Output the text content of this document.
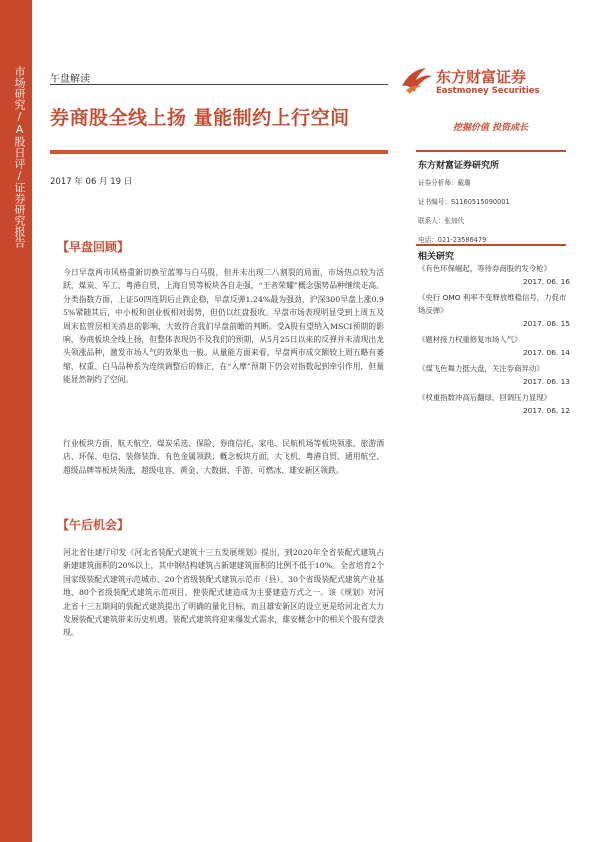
市场研究/A股日评/证券研究报告 午盘解读
券商股全线上扬 量能制约上行空间
2017 年 06 月 19 日
东方财富证券
Eastmoney Securities
挖掘价值 投资成长
东方财富证券研究所
证券分析师：戴璐
证书编号：S1160515090001
联系人：张加代
电话：021-23586479
相关研究
《有色环保崛起，等待券商股的发令枪》
2017. 06. 16
《央行 OMO 利率不变释放维稳信号，力促市场反弹》
2017. 06. 15
《题材接力权重修复市场人气》
2017. 06. 14
《煤飞色舞力挺大盘，关注券商异动》
2017. 06. 13
《权重指数冲高后翻绿，回调压力显现》
2017. 06. 12
【早盘回顾】
今日早盘两市风格重新切换至蓝筹与白马股，但并未出现二八割裂的局面，市场热点较为活跃，煤炭、军工、粤港自贸、上海自贸等板块各自走强，“王者荣耀”概念强势品种继续走高。分类指数方面，上证50四连阴后止跌企稳，早盘反弹1.24%最为强劲，沪深300早盘上涨0.95%紧随其后，中小板和创业板相对弱势，但仍以红盘报收。早盘市场表现明显受到上周五及周末监管层相关消息的影响，大致符合我们早盘前瞻的判断。受A股有望纳入MSCI预期的影响，券商板块全线上扬，但整体表现仍不及我们的预期，从5月25日以来的反弹并未清现出龙头领涨品种，激发市场人气的效果也一般。从量能方面来看，早盘两市成交额较上周五略有萎缩，权重、白马品种系为连续调整后的修正，在“入摩”预期下仍会对指数起到牵引作用，但量能显然制约了空间。
行业板块方面，航天航空、煤炭采选、保险、券商信托、家电、民航机场等板块领涨，旅游酒店、环保、电信、装修装饰、有色金属领跌；概念板块方面，大飞机、粤港自贸、通用航空、超级品牌等板块领涨，超级电容、黄金、大数据、手游、可燃冰、雄安新区领跌。
【午后机会】
河北省住建厅印发《河北省装配式建筑十三五发展规划》提出，到2020年全省装配式建筑占新建建筑面积的20%以上，其中钢结构建筑占新建建筑面积的比例不低于10%。全省培育2个国家级装配式建筑示范城市、20个省级装配式建筑示范市（县）、30个省级装配式建筑产业基地、80个省级装配式建筑示范项目，使装配式建造成为主要建造方式之一。该《规划》对河北省十三五期间的装配式建筑提出了明确的量化目标，而且雄安新区的设立更是给河北省大力发展装配式建筑带来历史机遇，装配式建筑将迎来爆发式需求，雄安概念中的相关个股有望表现。
